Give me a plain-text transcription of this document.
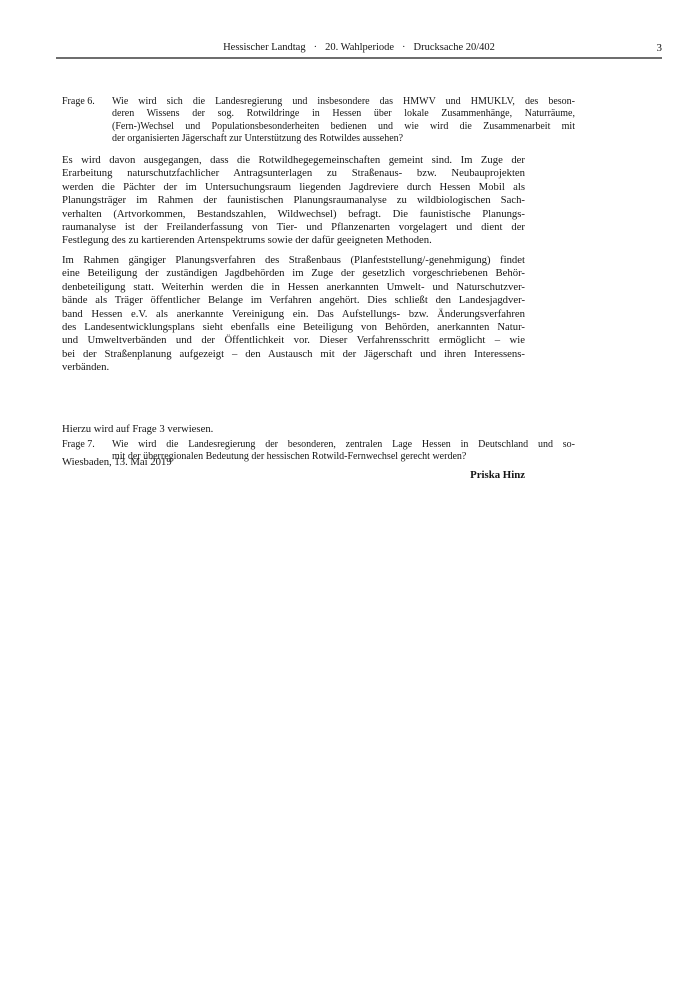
Hessischer Landtag · 20. Wahlperiode · Drucksache 20/402	3
Frage 6. Wie wird sich die Landesregierung und insbesondere das HMWV und HMUKLV, des beson-
deren Wissens der sog. Rotwildringe in Hessen über lokale Zusammenhänge, Naturräume,
(Fern-)Wechsel und Populationsbesonderheiten bedienen und wie wird die Zusammenarbeit mit
der organisierten Jägerschaft zur Unterstützung des Rotwildes aussehen?
Es wird davon ausgegangen, dass die Rotwildhegegemeinschaften gemeint sind. Im Zuge der
Erarbeitung naturschutzfachlicher Antragsunterlagen zu Straßenaus- bzw. Neubauprojekten
werden die Pächter der im Untersuchungsraum liegenden Jagdreviere durch Hessen Mobil als
Planungsträger im Rahmen der faunistischen Planungsraumanalyse zu wildbiologischen Sach-
verhalten (Artvorkommen, Bestandszahlen, Wildwechsel) befragt. Die faunistische Planungs-
raumanalyse ist der Freilanderfassung von Tier- und Pflanzenarten vorgelagert und dient der
Festlegung des zu kartierenden Artenspektrums sowie der dafür geeigneten Methoden.
Im Rahmen gängiger Planungsverfahren des Straßenbaus (Planfeststellung/-genehmigung) findet
eine Beteiligung der zuständigen Jagdbehörden im Zuge der gesetzlich vorgeschriebenen Behör-
denbeteiligung statt. Weiterhin werden die in Hessen anerkannten Umwelt- und Naturschutzver-
bände als Träger öffentlicher Belange im Verfahren angehört. Dies schließt den Landesjagdver-
band Hessen e.V. als anerkannte Vereinigung ein. Das Aufstellungs- bzw. Änderungsverfahren
des Landesentwicklungsplans sieht ebenfalls eine Beteiligung von Behörden, anerkannten Natur-
und Umweltverbänden und der Öffentlichkeit vor. Dieser Verfahrensschritt ermöglicht – wie
bei der Straßenplanung aufgezeigt – den Austausch mit der Jägerschaft und ihren Interessens-
verbänden.
Frage 7. Wie wird die Landesregierung der besonderen, zentralen Lage Hessen in Deutschland und so-
mit der überregionalen Bedeutung der hessischen Rotwild-Fernwechsel gerecht werden?
Hierzu wird auf Frage 3 verwiesen.
Wiesbaden, 13. Mai 2019
Priska Hinz
